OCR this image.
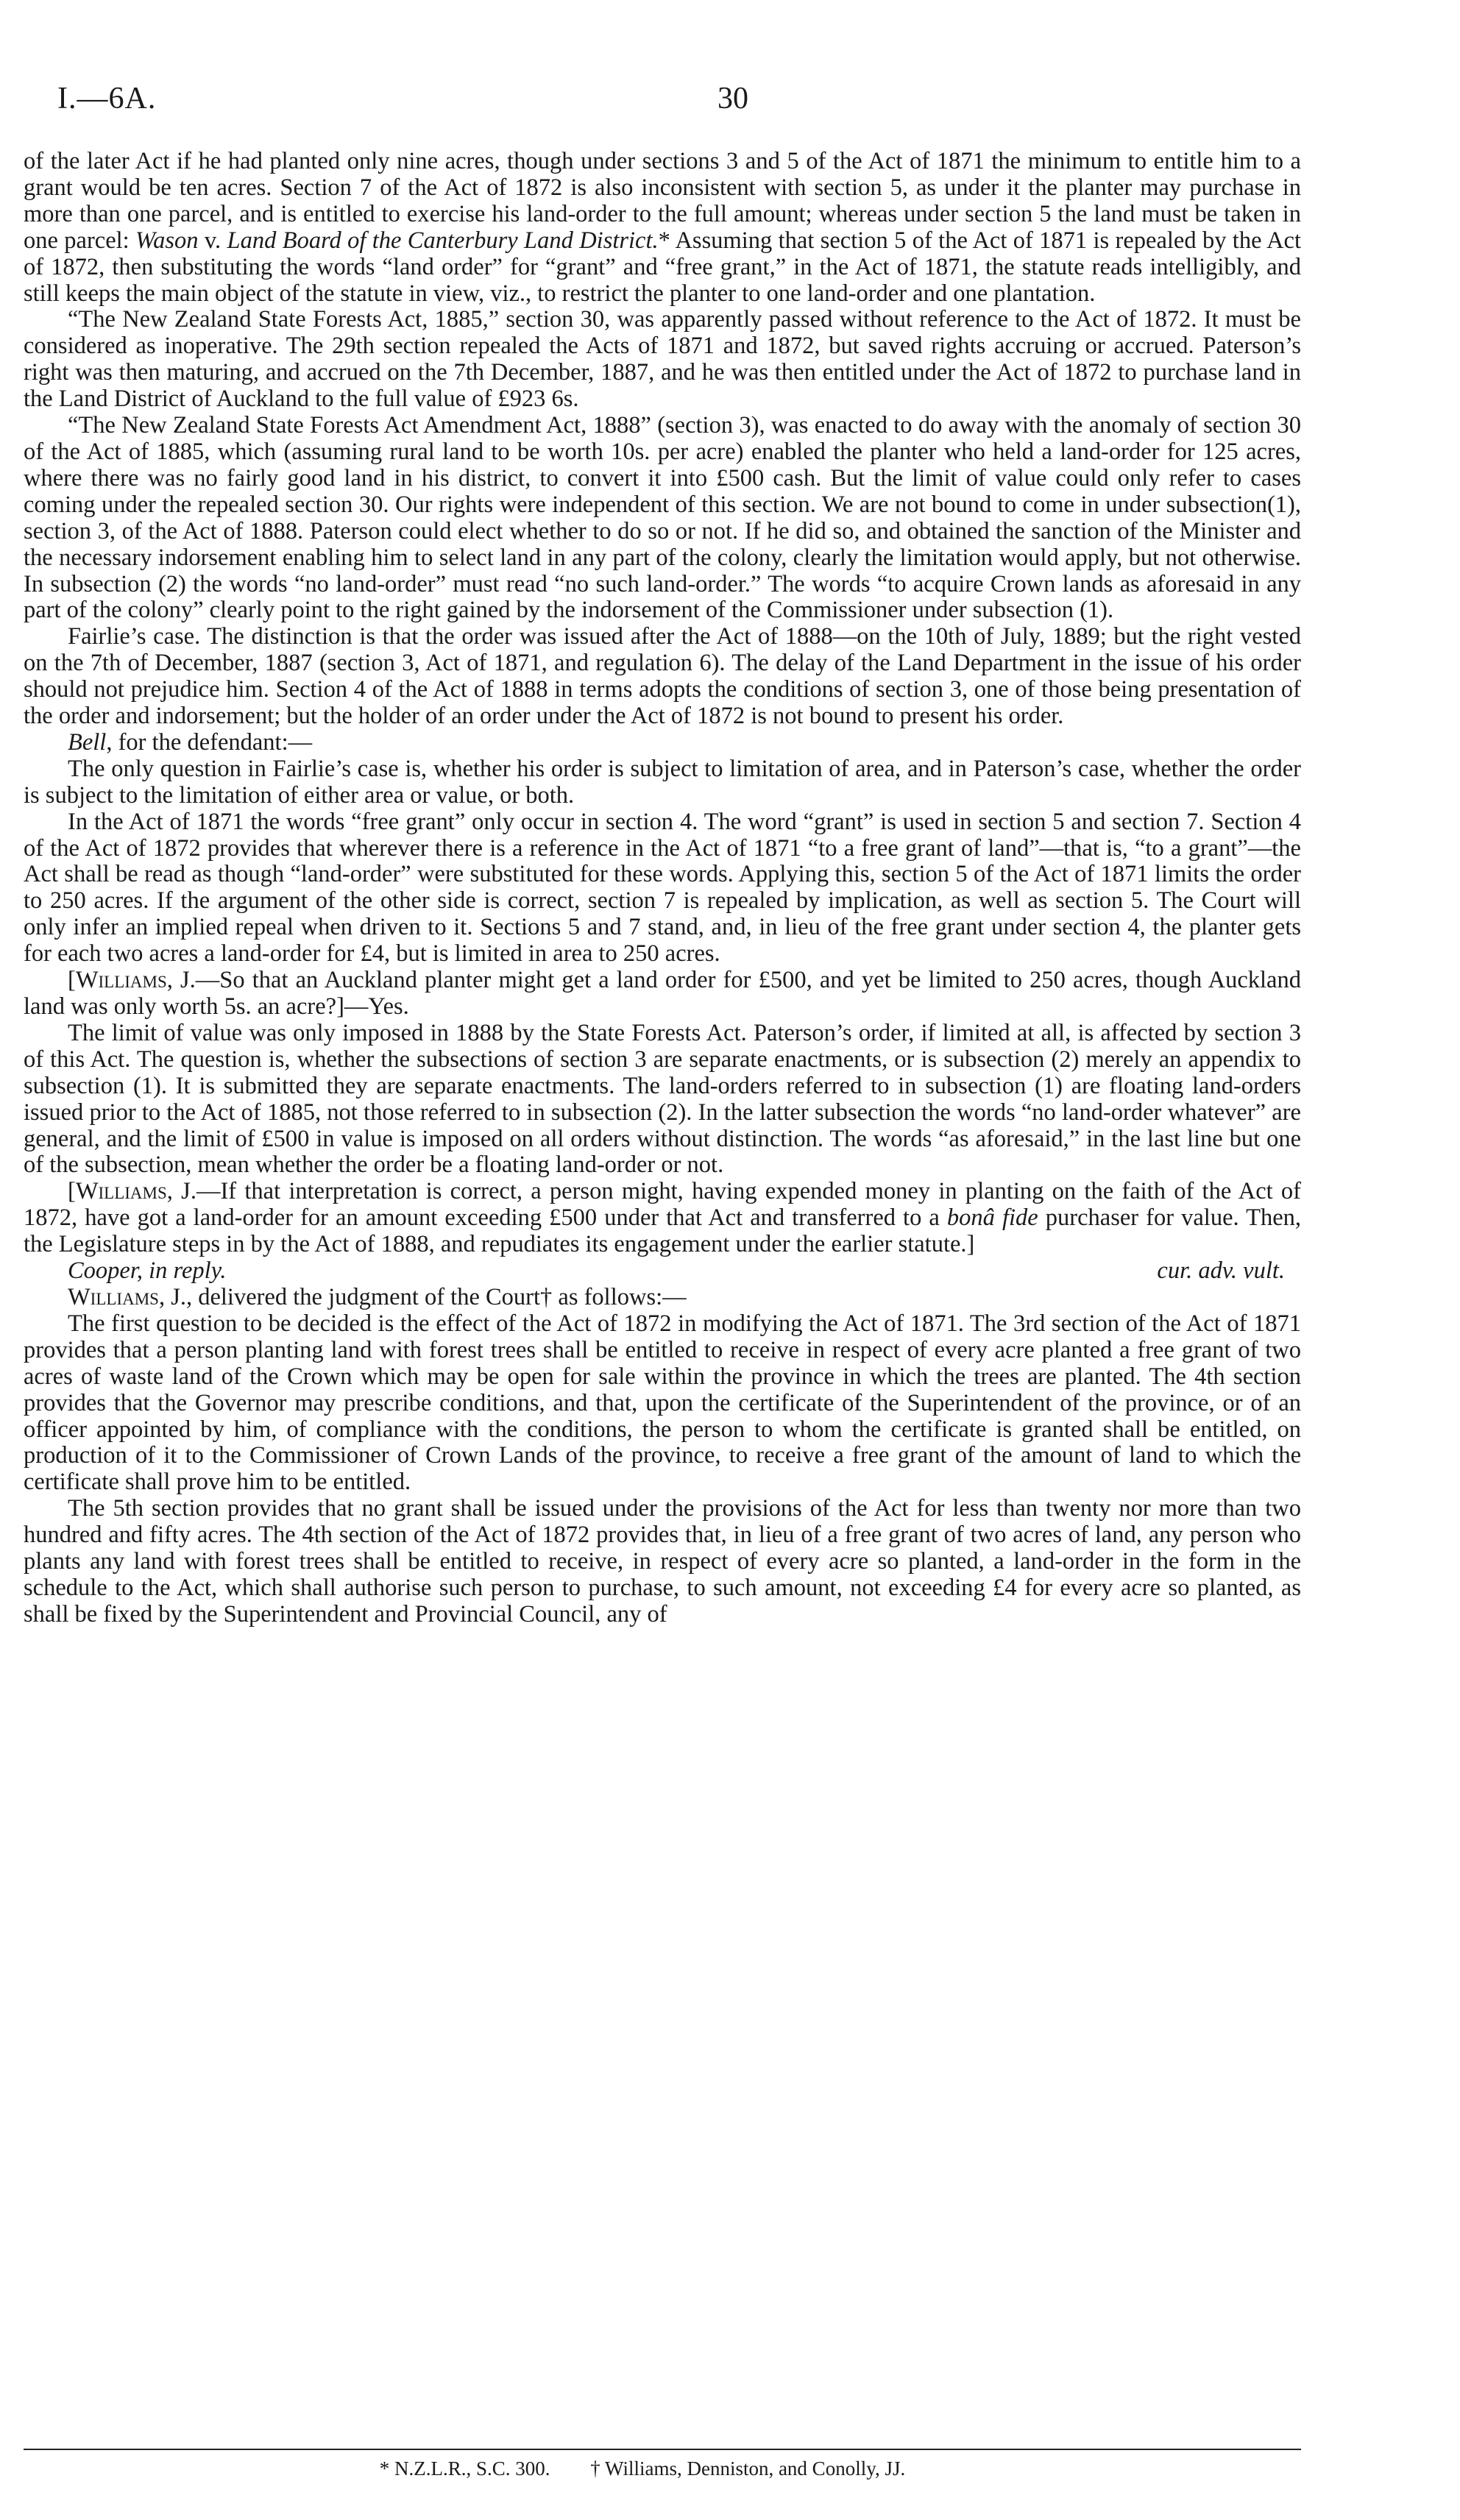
I.—6A.	30

of the later Act if he had planted only nine acres, though under sections 3 and 5 of the Act of 1871 the minimum to entitle him to a grant would be ten acres. Section 7 of the Act of 1872 is also inconsistent with section 5, as under it the planter may purchase in more than one parcel, and is entitled to exercise his land-order to the full amount; whereas under section 5 the land must be taken in one parcel: Wason v. Land Board of the Canterbury Land District.* Assuming that section 5 of the Act of 1871 is repealed by the Act of 1872, then substituting the words “land order” for “grant” and “free grant,” in the Act of 1871, the statute reads intelligibly, and still keeps the main object of the statute in view, viz., to restrict the planter to one land-order and one plantation.

“The New Zealand State Forests Act, 1885,” section 30, was apparently passed without reference to the Act of 1872. It must be considered as inoperative. The 29th section repealed the Acts of 1871 and 1872, but saved rights accruing or accrued. Paterson’s right was then maturing, and accrued on the 7th December, 1887, and he was then entitled under the Act of 1872 to purchase land in the Land District of Auckland to the full value of £923 6s.

“The New Zealand State Forests Act Amendment Act, 1888” (section 3), was enacted to do away with the anomaly of section 30 of the Act of 1885, which (assuming rural land to be worth 10s. per acre) enabled the planter who held a land-order for 125 acres, where there was no fairly good land in his district, to convert it into £500 cash. But the limit of value could only refer to cases coming under the repealed section 30. Our rights were independent of this section. We are not bound to come in under subsection(1), section 3, of the Act of 1888. Paterson could elect whether to do so or not. If he did so, and obtained the sanction of the Minister and the necessary indorsement enabling him to select land in any part of the colony, clearly the limitation would apply, but not otherwise. In subsection (2) the words “no land-order” must read “no such land-order.” The words “to acquire Crown lands as aforesaid in any part of the colony” clearly point to the right gained by the indorsement of the Commissioner under subsection (1).

Fairlie’s case. The distinction is that the order was issued after the Act of 1888—on the 10th of July, 1889; but the right vested on the 7th of December, 1887 (section 3, Act of 1871, and regulation 6). The delay of the Land Department in the issue of his order should not prejudice him. Section 4 of the Act of 1888 in terms adopts the conditions of section 3, one of those being presentation of the order and indorsement; but the holder of an order under the Act of 1872 is not bound to present his order.

Bell, for the defendant:—

The only question in Fairlie’s case is, whether his order is subject to limitation of area, and in Paterson’s case, whether the order is subject to the limitation of either area or value, or both.

In the Act of 1871 the words “free grant” only occur in section 4. The word “grant” is used in section 5 and section 7. Section 4 of the Act of 1872 provides that wherever there is a reference in the Act of 1871 “to a free grant of land”—that is, “to a grant”—the Act shall be read as though “land-order” were substituted for these words. Applying this, section 5 of the Act of 1871 limits the order to 250 acres. If the argument of the other side is correct, section 7 is repealed by implication, as well as section 5. The Court will only infer an implied repeal when driven to it. Sections 5 and 7 stand, and, in lieu of the free grant under section 4, the planter gets for each two acres a land-order for £4, but is limited in area to 250 acres.

[Williams, J.—So that an Auckland planter might get a land order for £500, and yet be limited to 250 acres, though Auckland land was only worth 5s. an acre?]—Yes.

The limit of value was only imposed in 1888 by the State Forests Act. Paterson’s order, if limited at all, is affected by section 3 of this Act. The question is, whether the subsections of section 3 are separate enactments, or is subsection (2) merely an appendix to subsection (1). It is submitted they are separate enactments. The land-orders referred to in subsection (1) are floating land-orders issued prior to the Act of 1885, not those referred to in subsection (2). In the latter subsection the words “no land-order whatever” are general, and the limit of £500 in value is imposed on all orders without distinction. The words “as aforesaid,” in the last line but one of the subsection, mean whether the order be a floating land-order or not.

[Williams, J.—If that interpretation is correct, a person might, having expended money in planting on the faith of the Act of 1872, have got a land-order for an amount exceeding £500 under that Act and transferred to a bonâ fide purchaser for value. Then, the Legislature steps in by the Act of 1888, and repudiates its engagement under the earlier statute.]

Cooper, in reply.	cur. adv. vult.

Williams, J., delivered the judgment of the Court† as follows:—

The first question to be decided is the effect of the Act of 1872 in modifying the Act of 1871. The 3rd section of the Act of 1871 provides that a person planting land with forest trees shall be entitled to receive in respect of every acre planted a free grant of two acres of waste land of the Crown which may be open for sale within the province in which the trees are planted. The 4th section provides that the Governor may prescribe conditions, and that, upon the certificate of the Superintendent of the province, or of an officer appointed by him, of compliance with the conditions, the person to whom the certificate is granted shall be entitled, on production of it to the Commissioner of Crown Lands of the province, to receive a free grant of the amount of land to which the certificate shall prove him to be entitled.

The 5th section provides that no grant shall be issued under the provisions of the Act for less than twenty nor more than two hundred and fifty acres. The 4th section of the Act of 1872 provides that, in lieu of a free grant of two acres of land, any person who plants any land with forest trees shall be entitled to receive, in respect of every acre so planted, a land-order in the form in the schedule to the Act, which shall authorise such person to purchase, to such amount, not exceeding £4 for every acre so planted, as shall be fixed by the Superintendent and Provincial Council, any of

* N.Z.L.R., S.C. 300. † Williams, Denniston, and Conolly, JJ.
